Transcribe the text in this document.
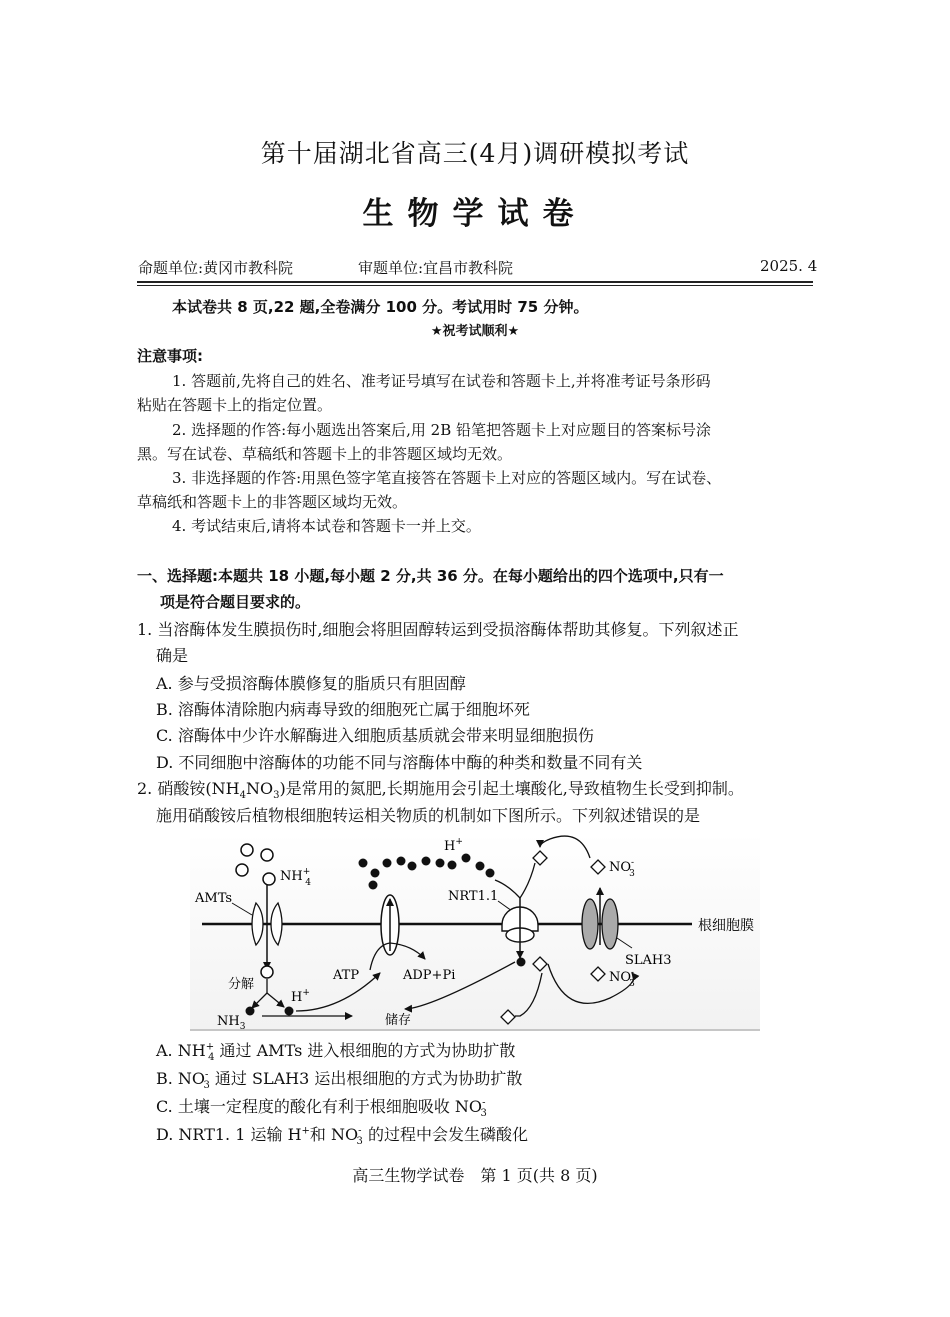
第十届湖北省高三(4月)调研模拟考试
生物学试卷
命题单位:黄冈市教科院	审题单位:宜昌市教科院	2025. 4
本试卷共 8 页,22 题,全卷满分 100 分。考试用时 75 分钟。
★祝考试顺利★
注意事项:
1. 答题前,先将自己的姓名、准考证号填写在试卷和答题卡上,并将准考证号条形码
粘贴在答题卡上的指定位置。
2. 选择题的作答:每小题选出答案后,用 2B 铅笔把答题卡上对应题目的答案标号涂
黑。写在试卷、草稿纸和答题卡上的非答题区域均无效。
3. 非选择题的作答:用黑色签字笔直接答在答题卡上对应的答题区域内。写在试卷、
草稿纸和答题卡上的非答题区域均无效。
4. 考试结束后,请将本试卷和答题卡一并上交。
一、选择题:本题共 18 小题,每小题 2 分,共 36 分。在每小题给出的四个选项中,只有一
项是符合题目要求的。
1. 当溶酶体发生膜损伤时,细胞会将胆固醇转运到受损溶酶体帮助其修复。下列叙述正
确是
A. 参与受损溶酶体膜修复的脂质只有胆固醇
B. 溶酶体清除胞内病毒导致的细胞死亡属于细胞坏死
C. 溶酶体中少许水解酶进入细胞质基质就会带来明显细胞损伤
D. 不同细胞中溶酶体的功能不同与溶酶体中酶的种类和数量不同有关
2. 硝酸铵$(NH_4NO_3)$是常用的氮肥,长期施用会引起土壤酸化,导致植物生长受到抑制。
施用硝酸铵后植物根细胞转运相关物质的机制如下图所示。下列叙述错误的是
根细胞膜
NH+ 4
AMTs
分解
$NH_3$
H+
储存
ATP	ADP+Pi
H+
NRT1.1
NO-3
SLAH3
NO-3
A. $NH^+_4$ 通过 AMTs 进入根细胞的方式为协助扩散
B. $NO^-_3$ 通过 SLAH3 运出根细胞的方式为协助扩散
C. 土壤一定程度的酸化有利于根细胞吸收 $NO^-_3$
D. NRT1. 1 运输 H+和 $NO^-_3$ 的过程中会发生磷酸化
高三生物学试卷　第 1 页(共 8 页)
